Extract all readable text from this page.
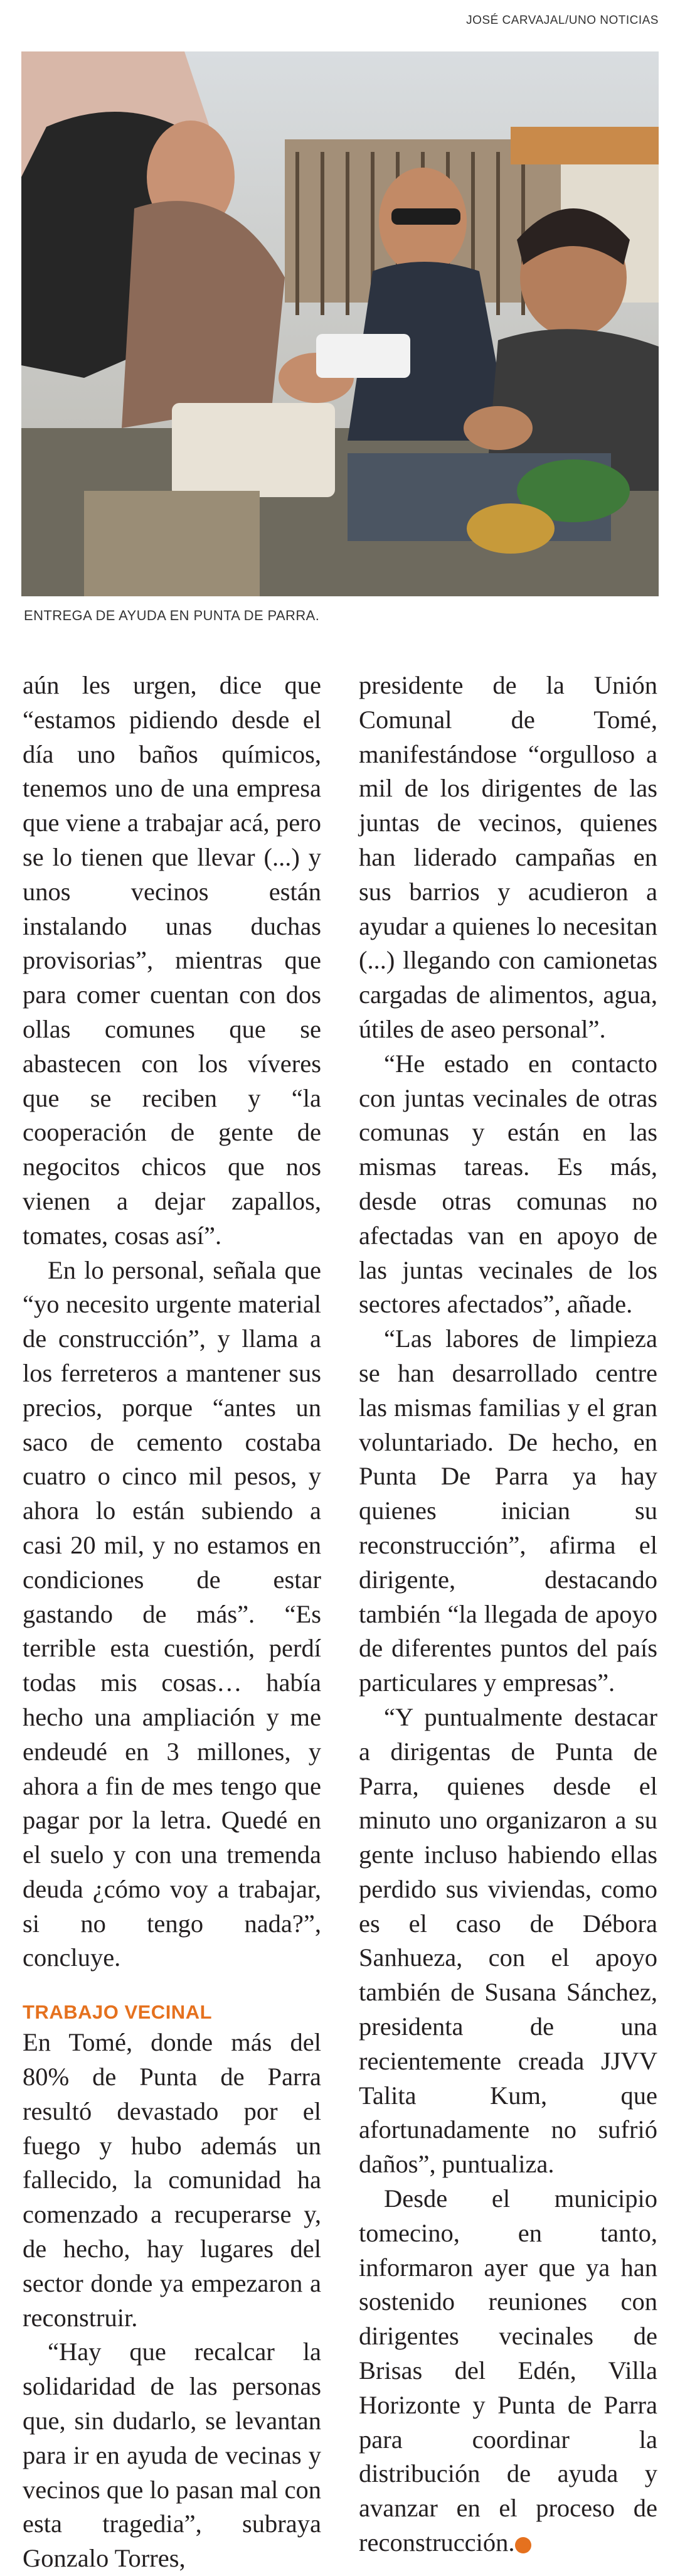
JOSÉ CARVAJAL/UNO NOTICIAS
ENTREGA DE AYUDA EN PUNTA DE PARRA.

aún les urgen, dice que “estamos pidiendo desde el día uno baños químicos, tenemos uno de una empresa que viene a trabajar acá, pero se lo tienen que llevar (...) y unos vecinos están instalando unas duchas provisorias”, mientras que para comer cuentan con dos ollas comunes que se abastecen con los víveres que se reciben y “la cooperación de gente de negocitos chicos que nos vienen a dejar zapallos, tomates, cosas así”.

En lo personal, señala que “yo necesito urgente material de construcción”, y llama a los ferreteros a mantener sus precios, porque “antes un saco de cemento costaba cuatro o cinco mil pesos, y ahora lo están subiendo a casi 20 mil, y no estamos en condiciones de estar gastando de más”. “Es terrible esta cuestión, perdí todas mis cosas… había hecho una ampliación y me endeudé en 3 millones, y ahora a fin de mes tengo que pagar por la letra. Quedé en el suelo y con una tremenda deuda ¿cómo voy a trabajar, si no tengo nada?”, concluye.

TRABAJO VECINAL

En Tomé, donde más del 80% de Punta de Parra resultó devastado por el fuego y hubo además un fallecido, la comunidad ha comenzado a recuperarse y, de hecho, hay lugares del sector donde ya empezaron a reconstruir.

“Hay que recalcar la solidaridad de las personas que, sin dudarlo, se levantan para ir en ayuda de vecinas y vecinos que lo pasan mal con esta tragedia”, subraya Gonzalo Torres,

presidente de la Unión Comunal de Tomé, manifestándose “orgulloso a mil de los dirigentes de las juntas de vecinos, quienes han liderado campañas en sus barrios y acudieron a ayudar a quienes lo necesitan (...) llegando con camionetas cargadas de alimentos, agua, útiles de aseo personal”.

“He estado en contacto con juntas vecinales de otras comunas y están en las mismas tareas. Es más, desde otras comunas no afectadas van en apoyo de las juntas vecinales de los sectores afectados”, añade.

“Las labores de limpieza se han desarrollado centre las mismas familias y el gran voluntariado. De hecho, en Punta De Parra ya hay quienes inician su reconstrucción”, afirma el dirigente, destacando también “la llegada de apoyo de diferentes puntos del país particulares y empresas”.

“Y puntualmente destacar a dirigentas de Punta de Parra, quienes desde el minuto uno organizaron a su gente incluso habiendo ellas perdido sus viviendas, como es el caso de Débora Sanhueza, con el apoyo también de Susana Sánchez, presidenta de una recientemente creada JJVV Talita Kum, que afortunadamente no sufrió daños”, puntualiza.

Desde el municipio tomecino, en tanto, informaron ayer que ya han sostenido reuniones con dirigentes vecinales de Brisas del Edén, Villa Horizonte y Punta de Parra para coordinar la distribución de ayuda y avanzar en el proceso de reconstrucción. ✪
